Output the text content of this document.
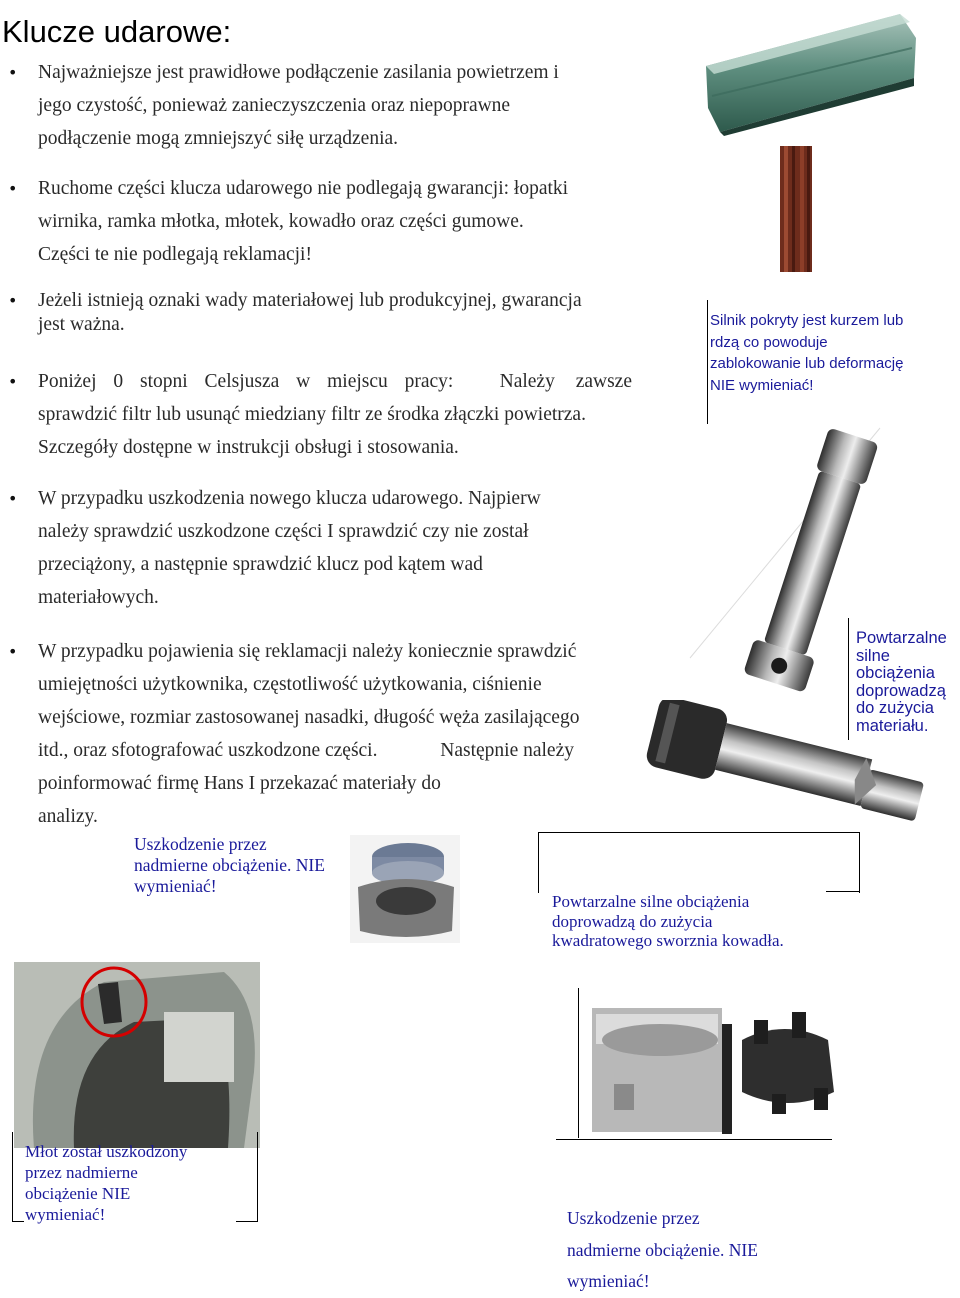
Klucze udarowe:
• Najważniejsze jest prawidłowe podłączenie zasilania powietrzem i
jego czystość, ponieważ zanieczyszczenia oraz niepoprawne
podłączenie mogą zmniejszyć siłę urządzenia.
• Ruchome części klucza udarowego nie podlegają gwarancji: łopatki
wirnika, ramka młotka, młotek, kowadło oraz części gumowe.
Części te nie podlegają reklamacji!
• Jeżeli istnieją oznaki wady materiałowej lub produkcyjnej, gwarancja
jest ważna.
• Poniżej 0 stopni Celsjusza w miejscu pracy: Należy zawsze
sprawdzić filtr lub usunąć miedziany filtr ze środka złączki powietrza.
Szczegóły dostępne w instrukcji obsługi i stosowania.
• W przypadku uszkodzenia nowego klucza udarowego. Najpierw
należy sprawdzić uszkodzone części I sprawdzić czy nie został
przeciążony, a następnie sprawdzić klucz pod kątem wad
materiałowych.
• W przypadku pojawienia się reklamacji należy koniecznie sprawdzić
umiejętności użytkownika, częstotliwość użytkowania, ciśnienie
wejściowe, rozmiar zastosowanej nasadki, długość węża zasilającego
itd., oraz sfotografować uszkodzone części.	Następnie należy
poinformować firmę Hans I przekazać materiały do
analizy.
Silnik pokryty jest kurzem lub
rdzą co powoduje
zablokowanie lub deformację
NIE wymieniać!
Powtarzalne
silne
obciążenia
doprowadzą
do zużycia
materiału.
Powtarzalne silne obciążenia
doprowadzą do zużycia
kwadratowego sworznia kowadła.
Uszkodzenie przez
nadmierne obciążenie. NIE
wymieniać!
Młot został uszkodzony
przez nadmierne
obciążenie NIE
wymieniać!	Uszkodzenie przez
nadmierne obciążenie. NIE
wymieniać!
